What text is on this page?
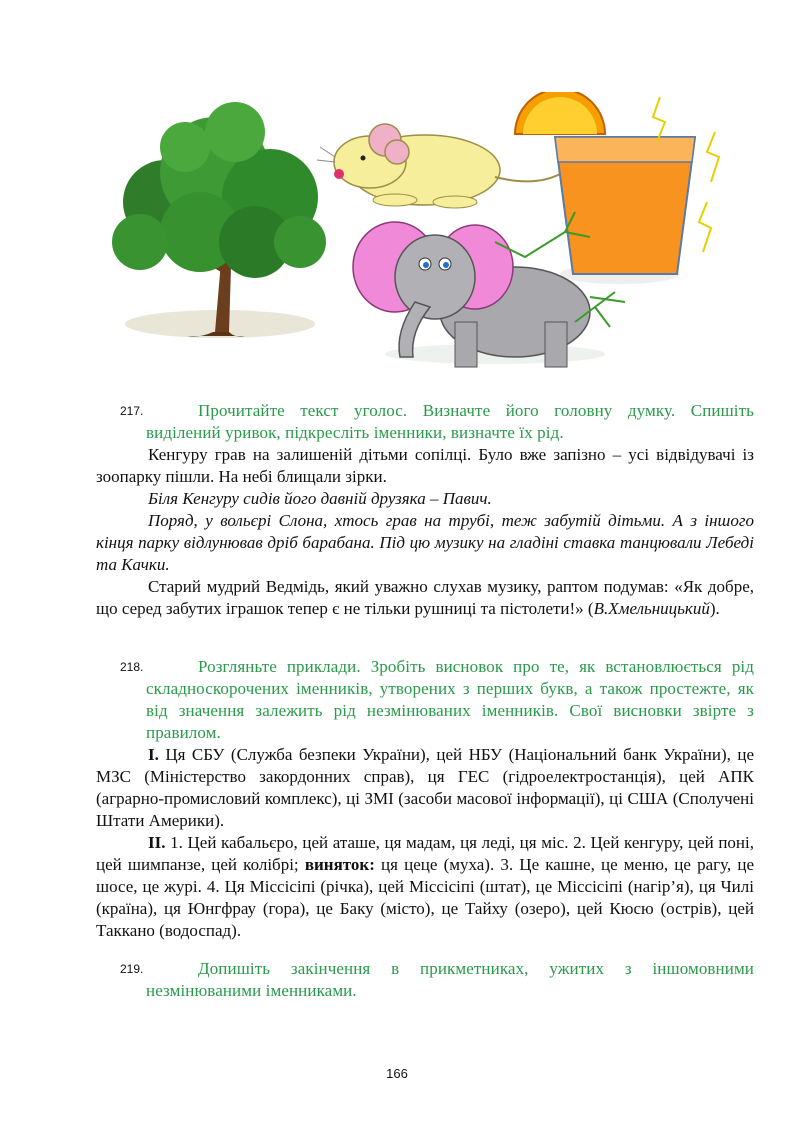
217.	Прочитайте текст уголос. Визначте його головну думку. Спишіть виділений уривок, підкресліть іменники, визначте їх рід.

Кенгуру грав на залишеній дітьми сопілці. Було вже запізно – усі відвідувачі із зоопарку пішли. На небі блищали зірки.

Біля Кенгуру сидів його давній друзяка – Павич.

Поряд, у вольєрі Слона, хтось грав на трубі, теж забутій дітьми. А з іншого кінця парку відлунював дріб барабана. Під цю музику на гладіні ставка танцювали Лебеді та Качки.

Старий мудрий Ведмідь, який уважно слухав музику, раптом подумав: «Як добре, що серед забутих іграшок тепер є не тільки рушниці та пістолети!» (В.Хмельницький).

218.	Розгляньте приклади. Зробіть висновок про те, як встановлюється рід складноскорочених іменників, утворених з перших букв, а також простежте, як від значення залежить рід незмінюваних іменників. Свої висновки звірте з правилом.

I. Ця СБУ (Служба безпеки України), цей НБУ (Національний банк України), це МЗС (Міністерство закордонних справ), ця ГЕС (гідроелектростанція), цей АПК (аграрно-промисловий комплекс), ці ЗМІ (засоби масової інформації), ці США (Сполучені Штати Америки).

II. 1. Цей кабальєро, цей аташе, ця мадам, ця леді, ця міс. 2. Цей кенгуру, цей поні, цей шимпанзе, цей колібрі; виняток: ця цеце (муха). 3. Це кашне, це меню, це рагу, це шосе, це журі. 4. Ця Міссісіпі (річка), цей Міссісіпі (штат), це Міссісіпі (нагір’я), ця Чилі (країна), ця Юнгфрау (гора), це Баку (місто), це Тайху (озеро), цей Кюсю (острів), цей Таккано (водоспад).

219.	Допишіть закінчення в прикметниках, ужитих з іншомовними незмінюваними іменниками.
166
